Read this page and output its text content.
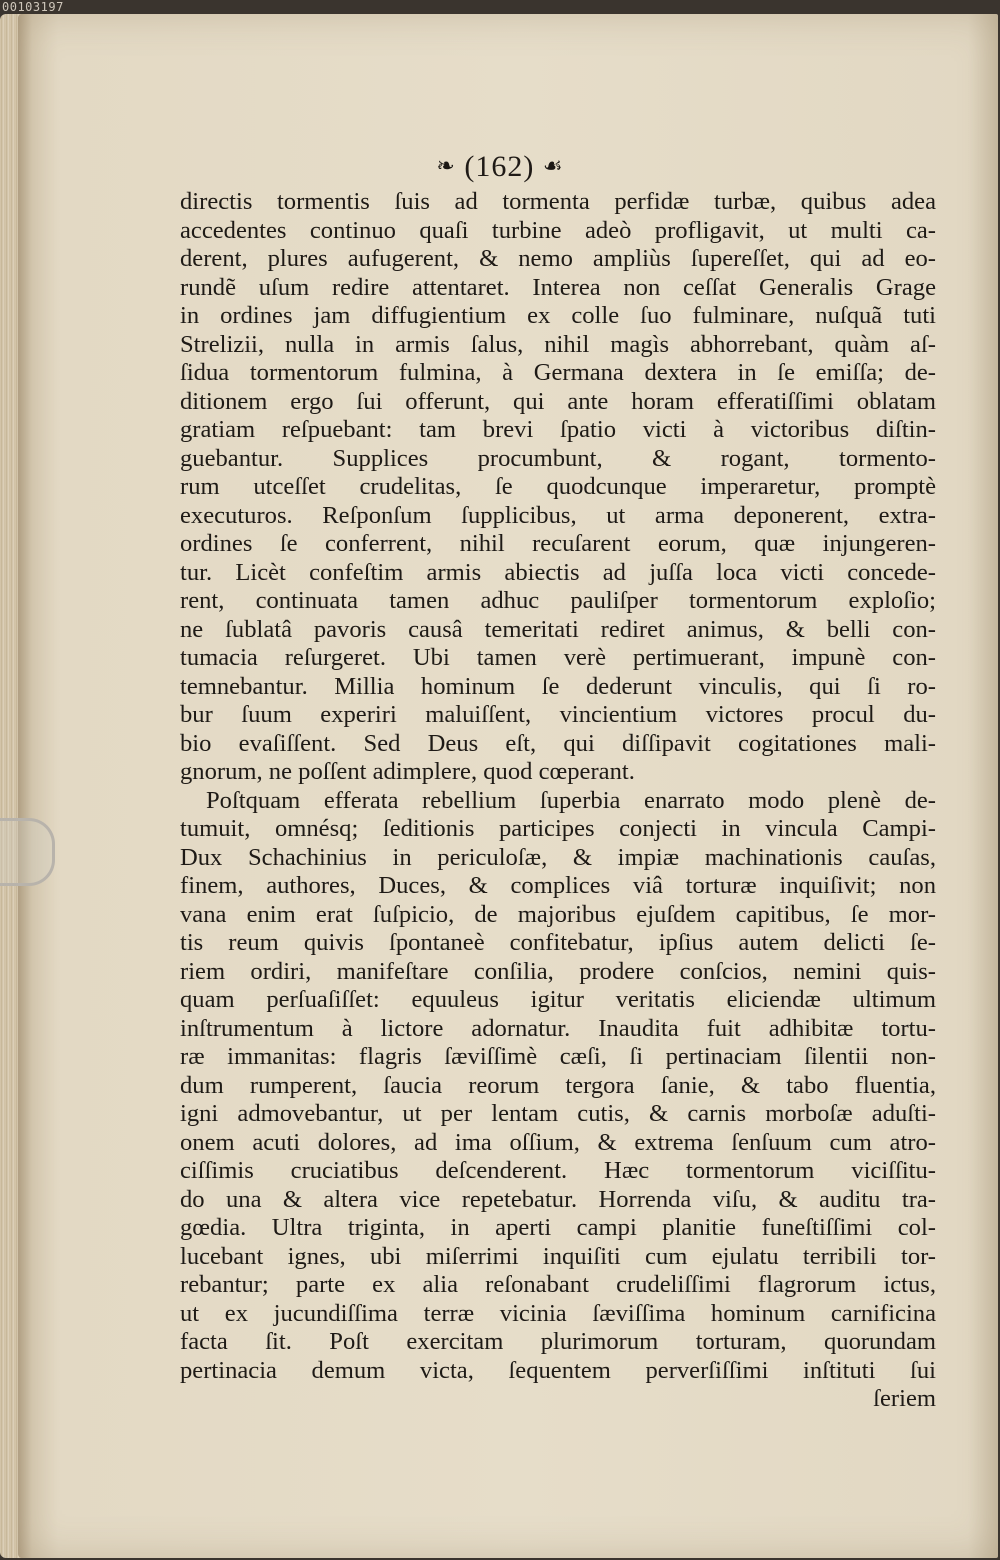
00103197
❧ (162) ☙
directis tormentis ſuis ad tormenta perfidæ turbæ, quibus adea
accedentes continuo quaſi turbine adeò profligavit, ut multi ca-
derent, plures aufugerent, & nemo ampliùs ſupereſſet, qui ad eo-
rundẽ uſum redire attentaret. Interea non ceſſat Generalis Grage
in ordines jam diffugientium ex colle ſuo fulminare, nuſquã tuti
Strelizii, nulla in armis ſalus, nihil magìs abhorrebant, quàm aſ-
ſidua tormentorum fulmina, à Germana dextera in ſe emiſſa; de-
ditionem ergo ſui offerunt, qui ante horam efferatiſſimi oblatam
gratiam reſpuebant: tam brevi ſpatio victi à victoribus diſtin-
guebantur. Supplices procumbunt, & rogant, tormento-
rum utceſſet crudelitas, ſe quodcunque imperaretur, promptè
executuros. Reſponſum ſupplicibus, ut arma deponerent, extra-
ordines ſe conferrent, nihil recuſarent eorum, quæ injungeren-
tur. Licèt confeſtim armis abiectis ad juſſa loca victi concede-
rent, continuata tamen adhuc pauliſper tormentorum exploſio;
ne ſublatâ pavoris causâ temeritati rediret animus, & belli con-
tumacia reſurgeret. Ubi tamen verè pertimuerant, impunè con-
temnebantur. Millia hominum ſe dederunt vinculis, qui ſi ro-
bur ſuum experiri maluiſſent, vincientium victores procul du-
bio evaſiſſent. Sed Deus eſt, qui diſſipavit cogitationes mali-
gnorum, ne poſſent adimplere, quod cœperant.
Poſtquam efferata rebellium ſuperbia enarrato modo plenè de-
tumuit, omnésq; ſeditionis participes conjecti in vincula Campi-
Dux Schachinius in periculoſæ, & impiæ machinationis cauſas,
finem, authores, Duces, & complices viâ torturæ inquiſivit; non
vana enim erat ſuſpicio, de majoribus ejuſdem capitibus, ſe mor-
tis reum quivis ſpontaneè confitebatur, ipſius autem delicti ſe-
riem ordiri, manifeſtare conſilia, prodere conſcios, nemini quis-
quam perſuaſiſſet: equuleus igitur veritatis eliciendæ ultimum
inſtrumentum à lictore adornatur. Inaudita fuit adhibitæ tortu-
ræ immanitas: flagris ſæviſſimè cæſi, ſi pertinaciam ſilentii non-
dum rumperent, ſaucia reorum tergora ſanie, & tabo fluentia,
igni admovebantur, ut per lentam cutis, & carnis morboſæ aduſti-
onem acuti dolores, ad ima oſſium, & extrema ſenſuum cum atro-
ciſſimis cruciatibus deſcenderent. Hæc tormentorum viciſſitu-
do una & altera vice repetebatur. Horrenda viſu, & auditu tra-
gœdia. Ultra triginta, in aperti campi planitie funeſtiſſimi col-
lucebant ignes, ubi miſerrimi inquiſiti cum ejulatu terribili tor-
rebantur; parte ex alia reſonabant crudeliſſimi flagrorum ictus,
ut ex jucundiſſima terræ vicinia ſæviſſima hominum carnificina
facta ſit. Poſt exercitam plurimorum torturam, quorundam
pertinacia demum victa, ſequentem perverſiſſimi inſtituti ſui
ſeriem
